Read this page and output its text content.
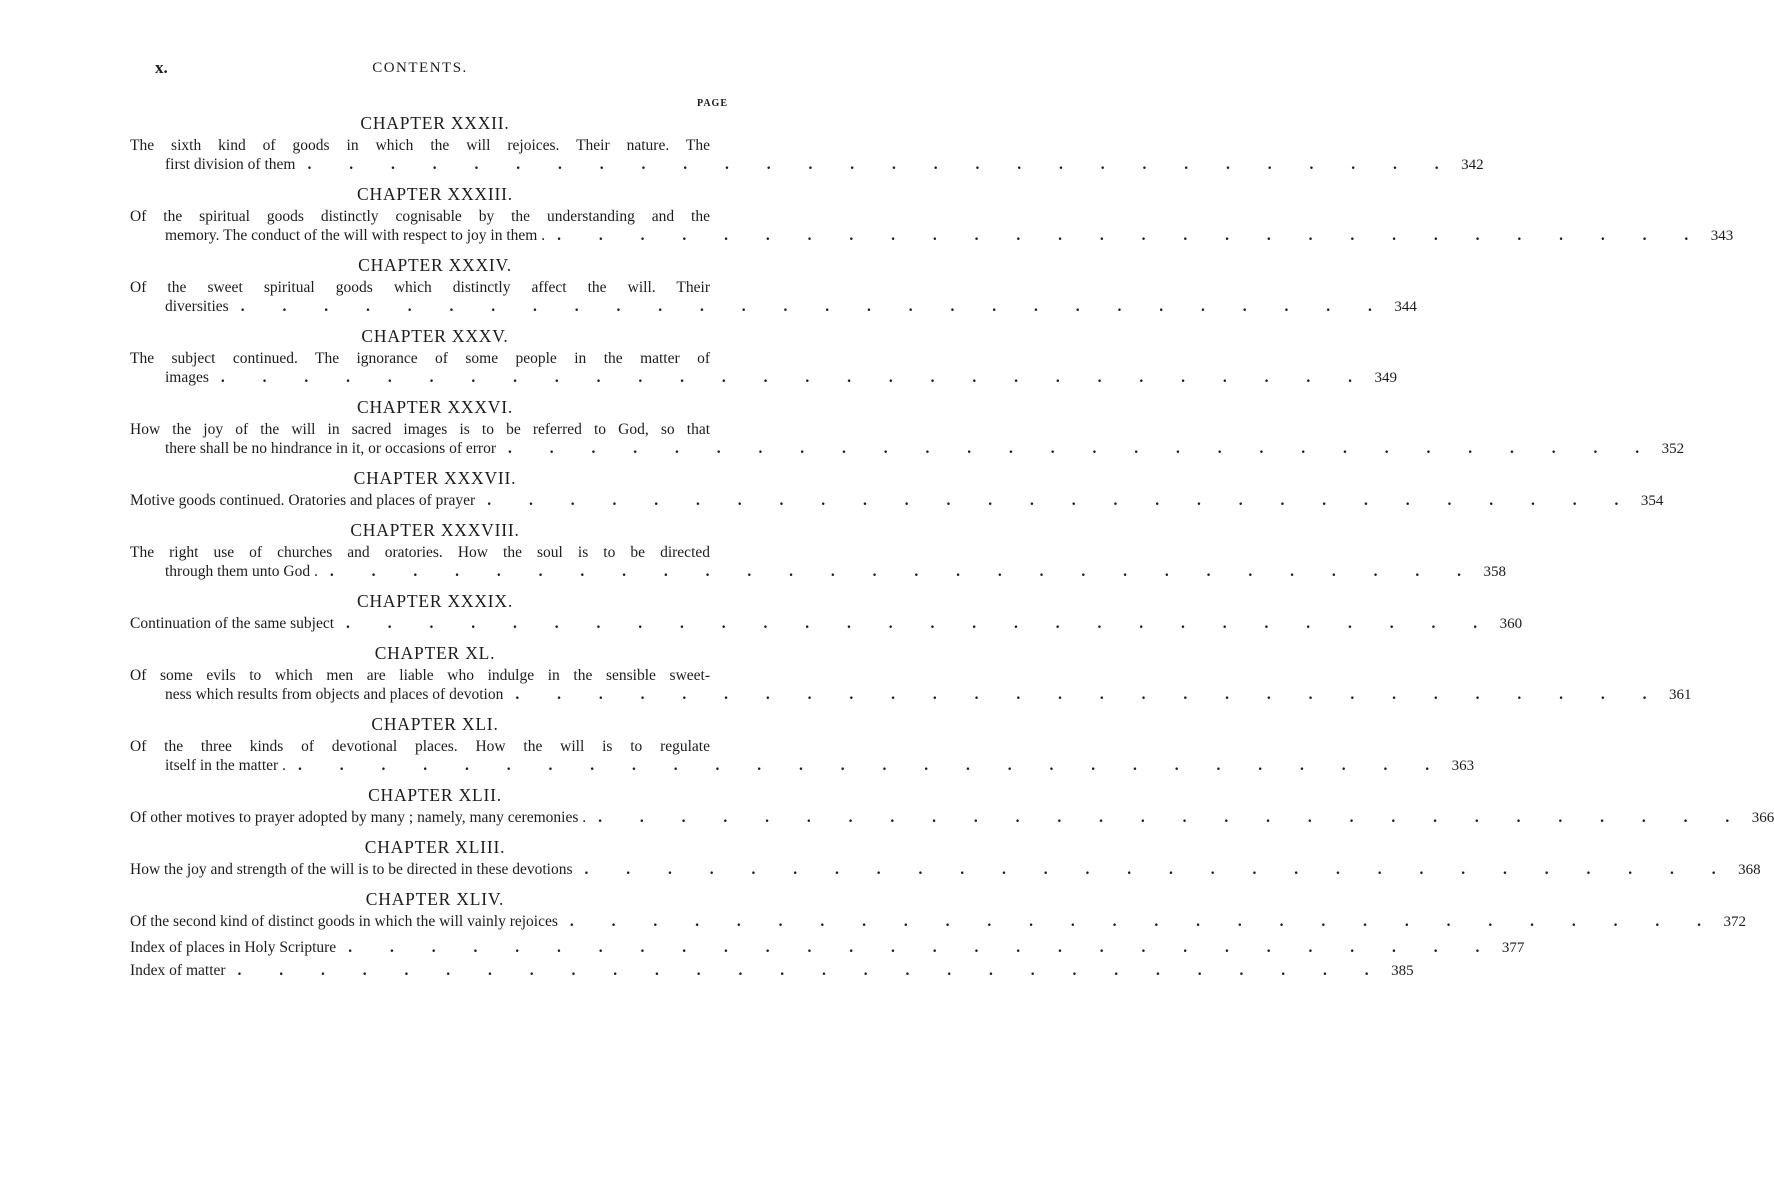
x.	CONTENTS.
PAGE
CHAPTER XXXII.
The sixth kind of goods in which the will rejoices. Their nature. The
first division of them . . . . . . . . . . . . . . . . . . . . . . . . . . . . 342
CHAPTER XXXIII.
Of the spiritual goods distinctly cognisable by the understanding and the
memory. The conduct of the will with respect to joy in them . . . . . . . . . . . . . . . . . . . . . . . . . . . . . 343
CHAPTER XXXIV.
Of the sweet spiritual goods which distinctly affect the will. Their
diversities . . . . . . . . . . . . . . . . . . . . . . . . . . . . 344
CHAPTER XXXV.
The subject continued. The ignorance of some people in the matter of
images . . . . . . . . . . . . . . . . . . . . . . . . . . . . 349
CHAPTER XXXVI.
How the joy of the will in sacred images is to be referred to God, so that
there shall be no hindrance in it, or occasions of error . . . . . . . . . . . . . . . . . . . . . . . . . . . . 352
CHAPTER XXXVII.
Motive goods continued. Oratories and places of prayer . . . . . . . . . . . . . . . . . . . . . . . . . . . . 354
CHAPTER XXXVIII.
The right use of churches and oratories. How the soul is to be directed
through them unto God . . . . . . . . . . . . . . . . . . . . . . . . . . . . . 358
CHAPTER XXXIX.
Continuation of the same subject . . . . . . . . . . . . . . . . . . . . . . . . . . . . 360
CHAPTER XL.
Of some evils to which men are liable who indulge in the sensible sweet-
ness which results from objects and places of devotion . . . . . . . . . . . . . . . . . . . . . . . . . . . . 361
CHAPTER XLI.
Of the three kinds of devotional places. How the will is to regulate
itself in the matter . . . . . . . . . . . . . . . . . . . . . . . . . . . . . 363
CHAPTER XLII.
Of other motives to prayer adopted by many ; namely, many ceremonies . . . . . . . . . . . . . . . . . . . . . . . . . . . . . 366
CHAPTER XLIII.
How the joy and strength of the will is to be directed in these devotions . . . . . . . . . . . . . . . . . . . . . . . . . . . . 368
CHAPTER XLIV.
Of the second kind of distinct goods in which the will vainly rejoices . . . . . . . . . . . . . . . . . . . . . . . . . . . . 372
Index of places in Holy Scripture . . . . . . . . . . . . . . . . . . . . . . . . . . . . 377
Index of matter . . . . . . . . . . . . . . . . . . . . . . . . . . . . 385
